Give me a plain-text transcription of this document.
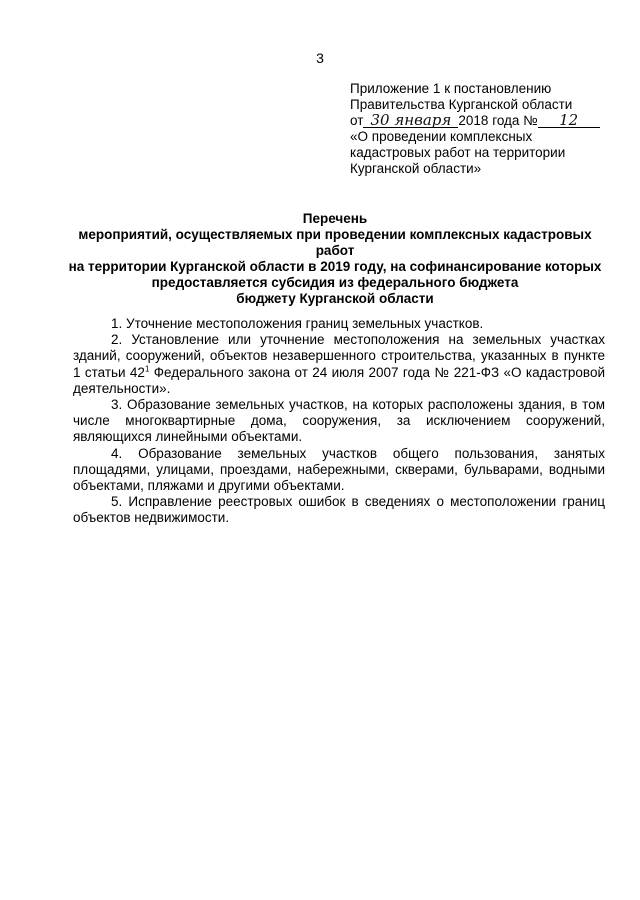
3
Приложение 1 к постановлению
Правительства Курганской области
от 30 января 2018 года № 12
«О проведении комплексных
кадастровых работ на территории
Курганской области»
Перечень
мероприятий, осуществляемых при проведении комплексных кадастровых работ
на территории Курганской области в 2019 году, на софинансирование которых
предоставляется субсидия из федерального бюджета
бюджету Курганской области

1. Уточнение местоположения границ земельных участков.

2. Установление или уточнение местоположения на земельных участках зданий, сооружений, объектов незавершенного строительства, указанных в пункте 1 статьи $42^1$ Федерального закона от 24 июля 2007 года № 221-ФЗ «О кадастровой деятельности».

3. Образование земельных участков, на которых расположены здания, в том числе многоквартирные дома, сооружения, за исключением сооружений, являющихся линейными объектами.

4. Образование земельных участков общего пользования, занятых площадями, улицами, проездами, набережными, скверами, бульварами, водными объектами, пляжами и другими объектами.

5. Исправление реестровых ошибок в сведениях о местоположении границ объектов недвижимости.
